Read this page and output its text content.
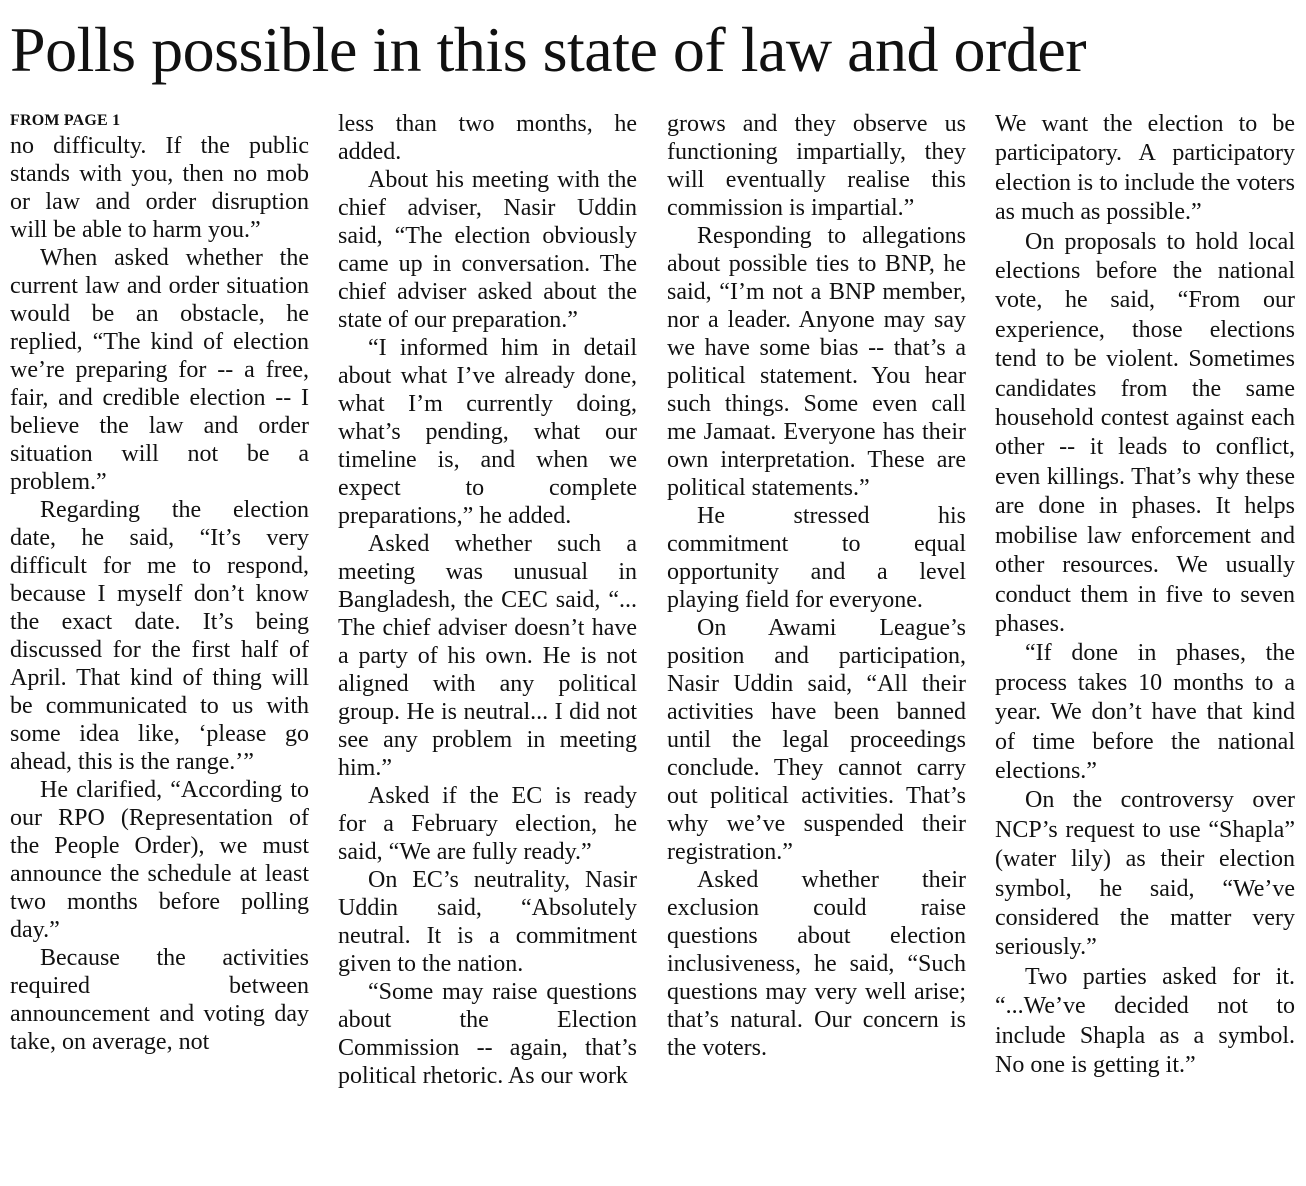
Polls possible in this state of law and order
FROM PAGE 1

no difficulty. If the public stands with you, then no mob or law and order disruption will be able to harm you.”

When asked whether the current law and order situation would be an obstacle, he replied, “The kind of election we’re preparing for -- a free, fair, and credible election -- I believe the law and order situation will not be a problem.”

Regarding the election date, he said, “It’s very difficult for me to respond, because I myself don’t know the exact date. It’s being discussed for the first half of April. That kind of thing will be communicated to us with some idea like, ‘please go ahead, this is the range.’”

He clarified, “According to our RPO (Representation of the People Order), we must announce the schedule at least two months before polling day.”

Because the activities required between announcement and voting day take, on average, not

less than two months, he added.

About his meeting with the chief adviser, Nasir Uddin said, “The election obviously came up in conversation. The chief adviser asked about the state of our preparation.”

“I informed him in detail about what I’ve already done, what I’m currently doing, what’s pending, what our timeline is, and when we expect to complete preparations,” he added.

Asked whether such a meeting was unusual in Bangladesh, the CEC said, “... The chief adviser doesn’t have a party of his own. He is not aligned with any political group. He is neutral... I did not see any problem in meeting him.”

Asked if the EC is ready for a February election, he said, “We are fully ready.”

On EC’s neutrality, Nasir Uddin said, “Absolutely neutral. It is a commitment given to the nation.

“Some may raise questions about the Election Commission -- again, that’s political rhetoric. As our work

grows and they observe us functioning impartially, they will eventually realise this commission is impartial.”

Responding to allegations about possible ties to BNP, he said, “I’m not a BNP member, nor a leader. Anyone may say we have some bias -- that’s a political statement. You hear such things. Some even call me Jamaat. Everyone has their own interpretation. These are political statements.”

He stressed his commitment to equal opportunity and a level playing field for everyone.

On Awami League’s position and participation, Nasir Uddin said, “All their activities have been banned until the legal proceedings conclude. They cannot carry out political activities. That’s why we’ve suspended their registration.”

Asked whether their exclusion could raise questions about election inclusiveness, he said, “Such questions may very well arise; that’s natural. Our concern is the voters.

We want the election to be participatory. A participatory election is to include the voters as much as possible.”

On proposals to hold local elections before the national vote, he said, “From our experience, those elections tend to be violent. Sometimes candidates from the same household contest against each other -- it leads to conflict, even killings. That’s why these are done in phases. It helps mobilise law enforcement and other resources. We usually conduct them in five to seven phases.

“If done in phases, the process takes 10 months to a year. We don’t have that kind of time before the national elections.”

On the controversy over NCP’s request to use “Shapla” (water lily) as their election symbol, he said, “We’ve considered the matter very seriously.”

Two parties asked for it. “...We’ve decided not to include Shapla as a symbol. No one is getting it.”
